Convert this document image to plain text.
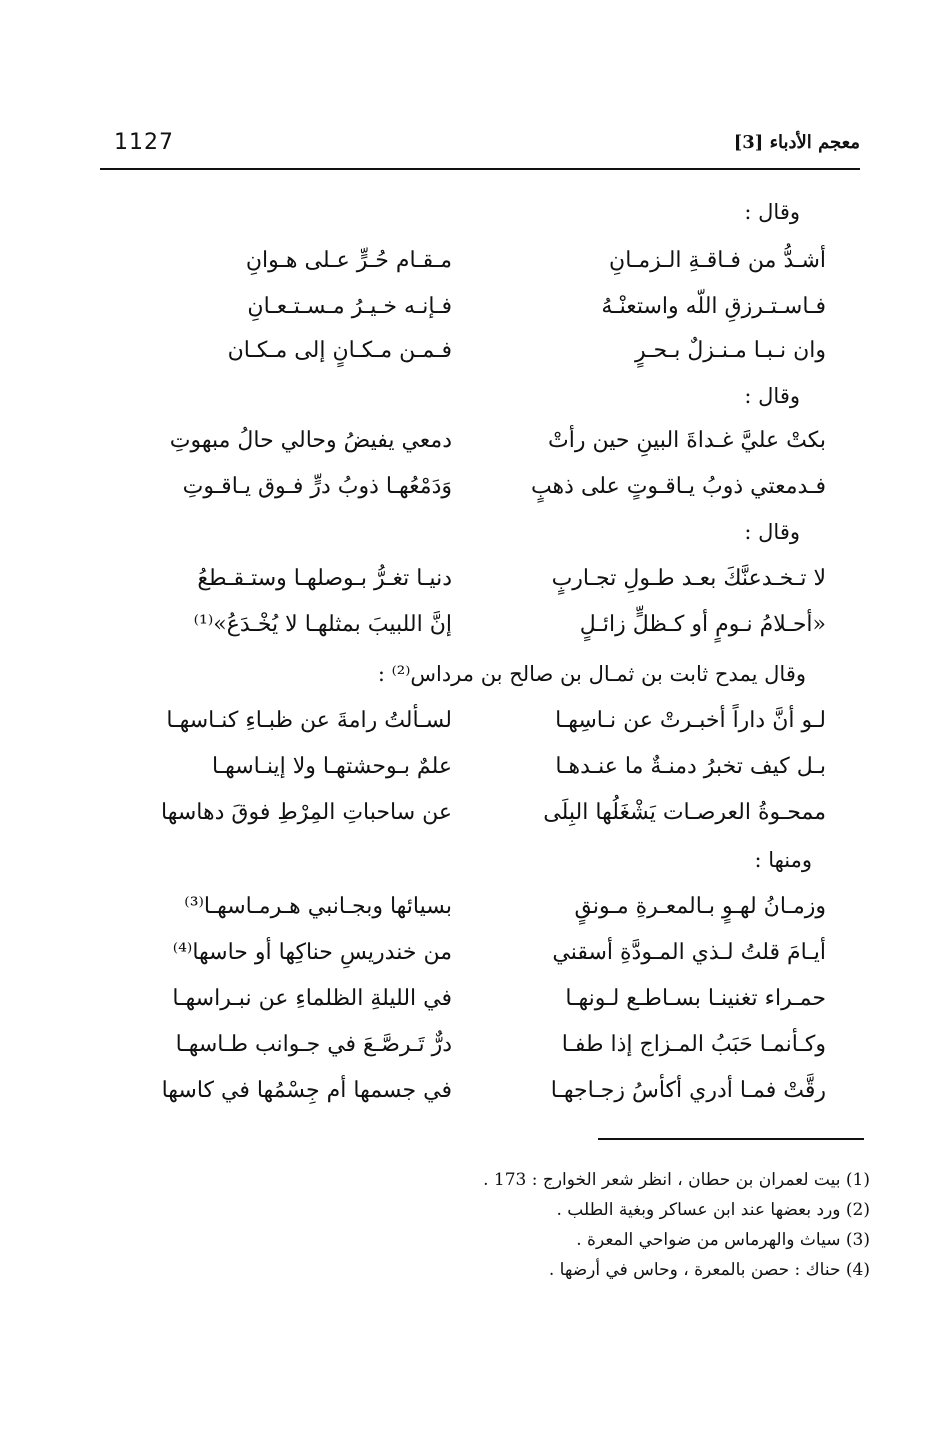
1127	معجم الأدباء [3]
وقال :
أشـدُّ من فـاقـةِ الـزمـانِ
مـقـام حُـرٍّ عـلى هـوانِ
فـاسـتـرزقِ اللّه واستعنْـهُ
فـإنـه خـيـرُ مـسـتـعـانِ
وان نـبـا مـنـزلٌ بـحـرٍ
فـمـن مـكـانٍ إلى مـكـان
وقال :
بكتْ عليَّ غـداةَ البينِ حين رأتْ
دمعي يفيضُ وحالي حالُ مبهوتِ
فـدمعتي ذوبُ يـاقـوتٍ على ذهبٍ
وَدَمْعُهـا ذوبُ درٍّ فـوق يـاقـوتِ
وقال :
لا تـخـدعنَّكَ بعـد طـولِ تجـاربٍ
دنيـا تغـرُّ بـوصلهـا وستـقـطعُ
«أحـلامُ نـومٍ أو كـظلٍّ زائـلٍ
إنَّ اللبيبَ بمثلهـا لا يُخْـدَعُ»⁽¹⁾
وقال يمدح ثابت بن ثمـال بن صالح بن مرداس⁽²⁾ :
لـو أنَّ داراً أخبـرتْ عن نـاسِهـا
لسـألتُ رامةَ عن ظبـاءِ كنـاسهـا
بـل كيف تخبرُ دمنـةٌ ما عنـدهـا
علمٌ بـوحشتهـا ولا إينـاسهـا
ممحـوةُ العرصـات يَشْغَلُها البِلَى
عن ساحباتِ المِرْطِ فوقَ دهاسها
ومنها :
وزمـانُ لهـوٍ بـالمعـرةِ مـونقٍ
بسيائها وبجـانبي هـرمـاسهـا⁽³⁾
أيـامَ قلتُ لـذي المـودَّةِ أسقني
من خندريسِ حناكِها أو حاسها⁽⁴⁾
حمـراء تغنينـا بسـاطـع لـونهـا
في الليلةِ الظلماءِ عن نبـراسهـا
وكـأنمـا حَبَبُ المـزاج إذا طفـا
درٌّ تَـرصَّـعَ في جـوانب طـاسهـا
رقَّتْ فمـا أدري أكأسُ زجـاجهـا
في جسمها أم جِسْمُها في كاسها
(1) بيت لعمران بن حطان ، انظر شعر الخوارج : 173 .
(2) ورد بعضها عند ابن عساكر وبغية الطلب .
(3) سياث والهرماس من ضواحي المعرة .
(4) حناك : حصن بالمعرة ، وحاس في أرضها .
